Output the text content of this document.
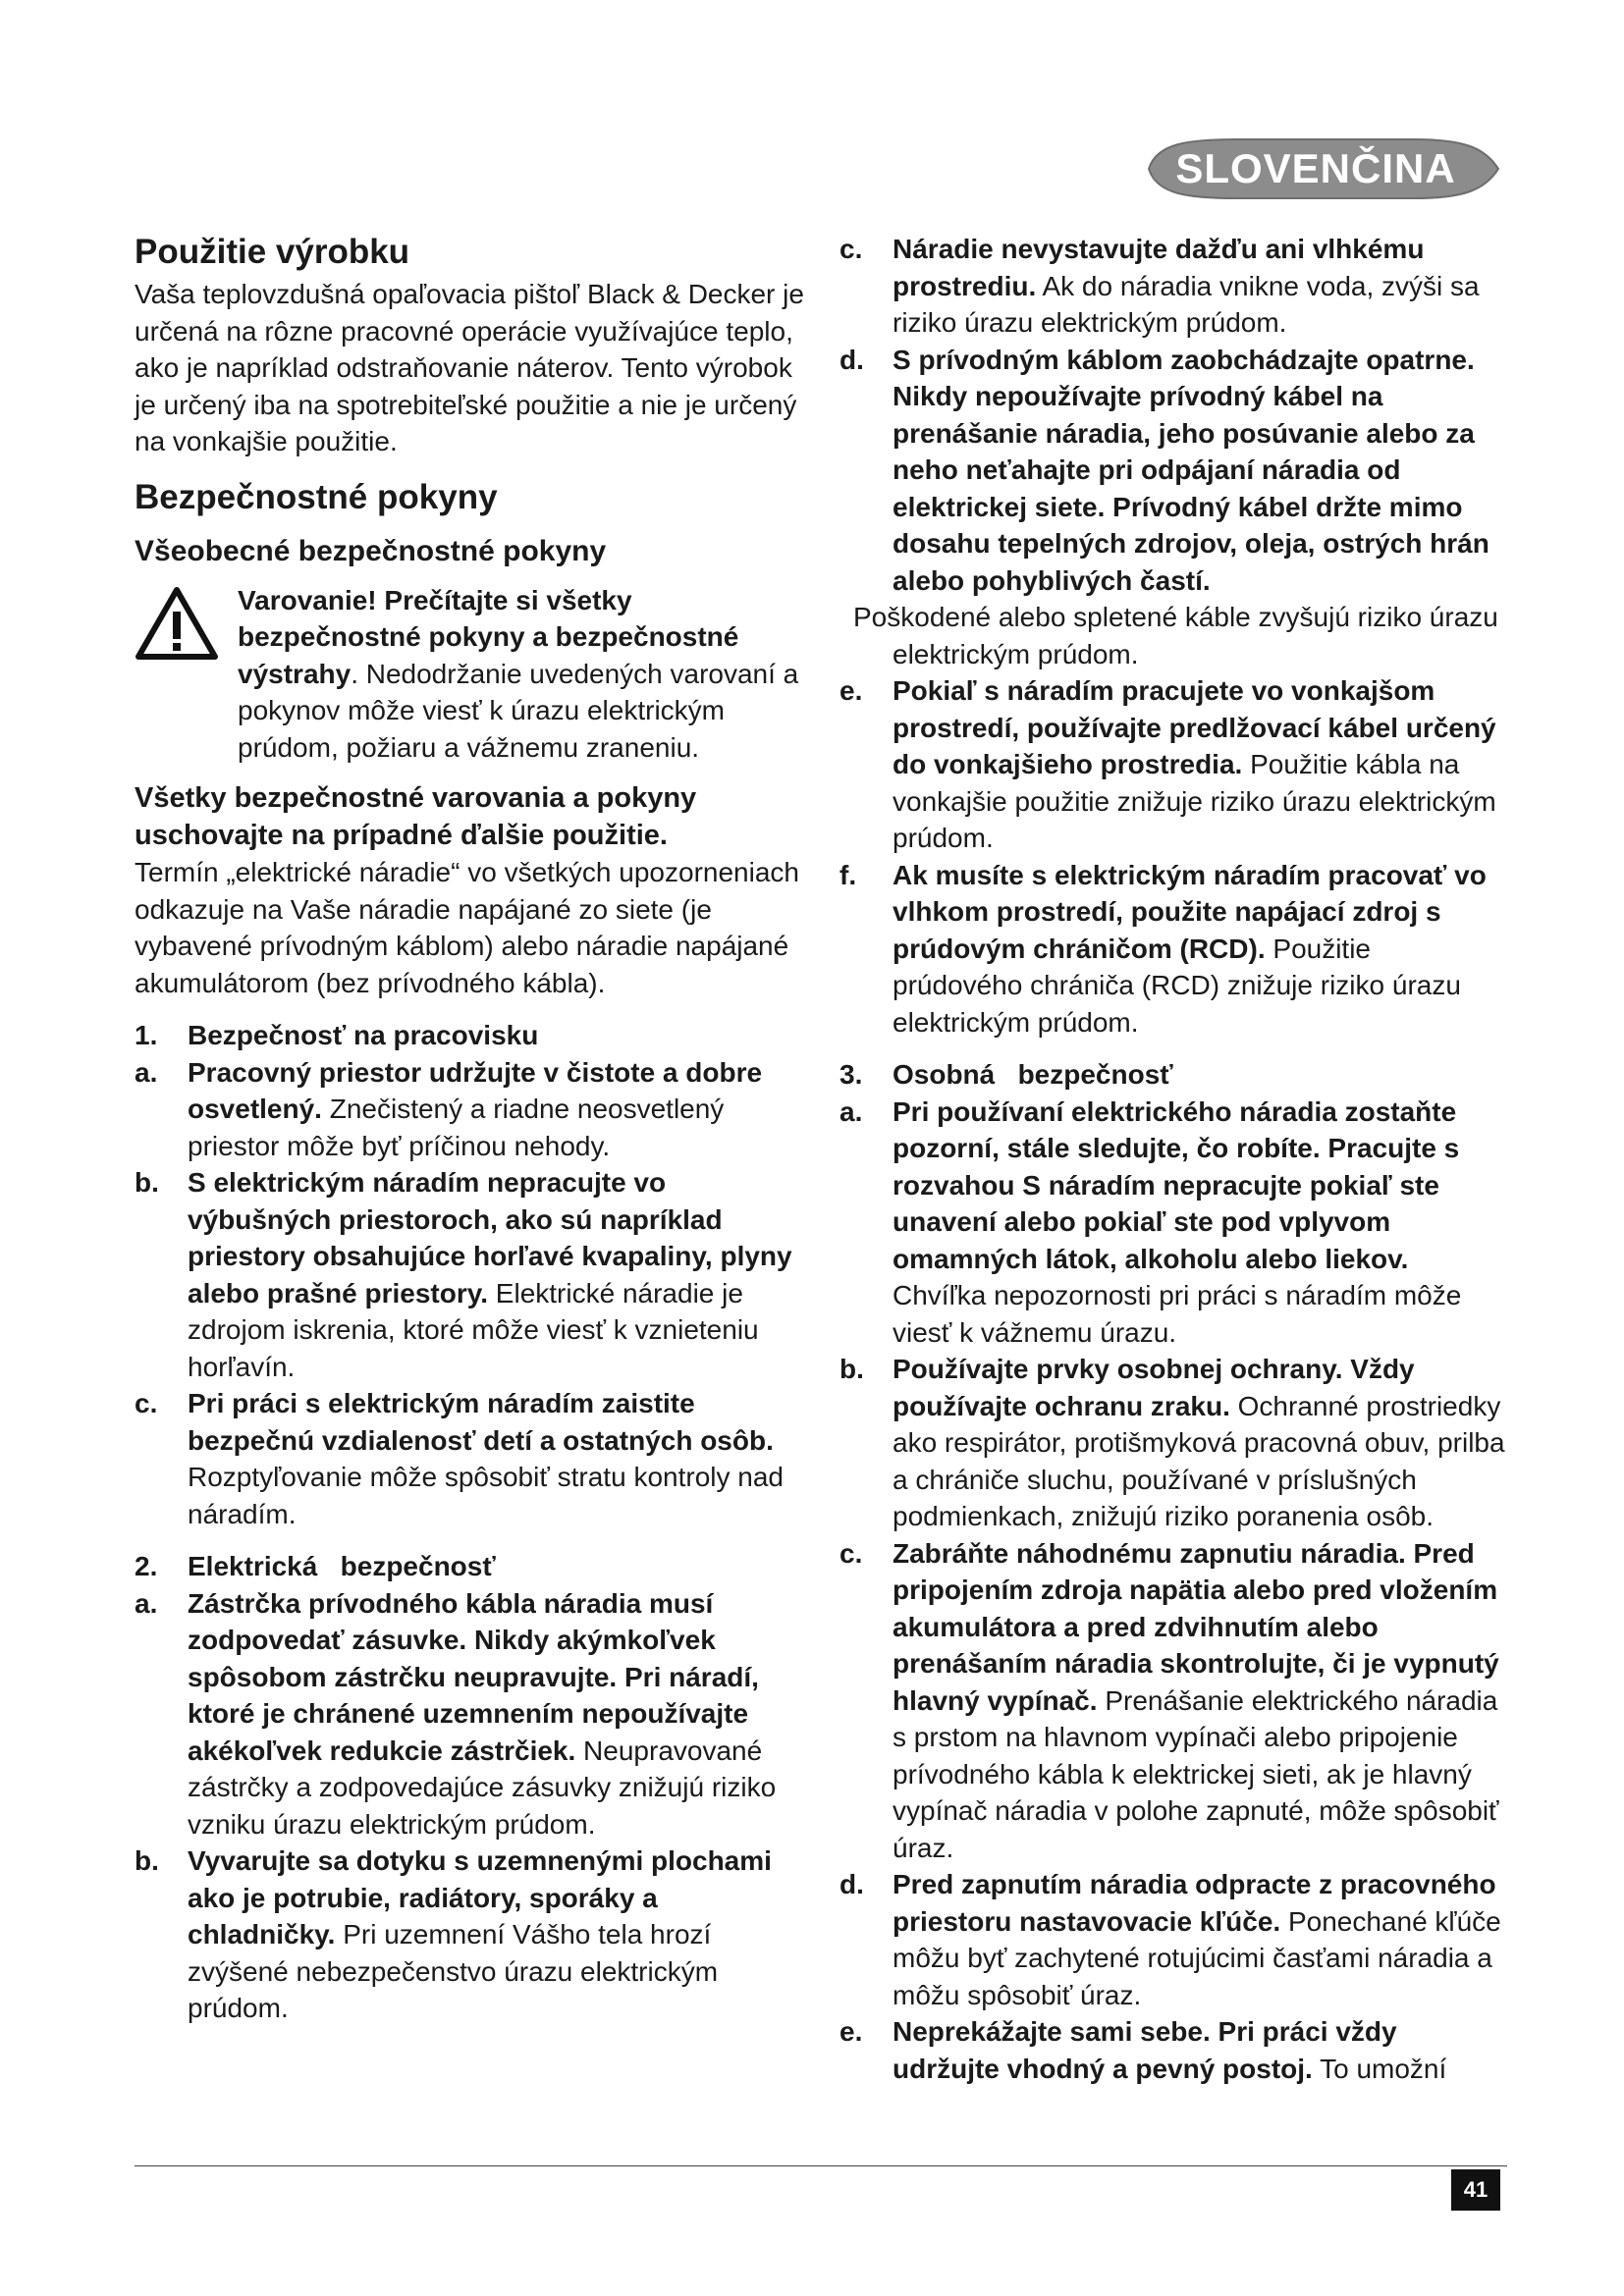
SLOVENČINA
Použitie výrobku

Vaša teplovzdušná opaľovacia pištoľ Black & Decker je určená na rôzne pracovné operácie využívajúce teplo, ako je napríklad odstraňovanie náterov. Tento výrobok je určený iba na spotrebiteľské použitie a nie je určený na vonkajšie použitie.

Bezpečnostné pokyny
Všeobecné bezpečnostné pokyny

Varovanie! Prečítajte si všetky bezpečnostné pokyny a bezpečnostné výstrahy. Nedodržanie uvedených varovaní a pokynov môže viesť k úrazu elektrickým prúdom, požiaru a vážnemu zraneniu.

Všetky bezpečnostné varovania a pokyny uschovajte na prípadné ďalšie použitie.

Termín „elektrické náradie“ vo všetkých upozorneniach odkazuje na Vaše náradie napájané zo siete (je vybavené prívodným káblom) alebo náradie napájané akumulátorom (bez prívodného kábla).

1. Bezpečnosť na pracovisku

a. Pracovný priestor udržujte v čistote a dobre osvetlený. Znečistený a riadne neosvetlený priestor môže byť príčinou nehody.

b. S elektrickým náradím nepracujte vo výbušných priestoroch, ako sú napríklad priestory obsahujúce horľavé kvapaliny, plyny alebo prašné priestory. Elektrické náradie je zdrojom iskrenia, ktoré môže viesť k vznieteniu horľavín.

c. Pri práci s elektrickým náradím zaistite bezpečnú vzdialenosť detí a ostatných osôb. Rozptyľovanie môže spôsobiť stratu kontroly nad náradím.

2. Elektrická   bezpečnosť

a. Zástrčka prívodného kábla náradia musí zodpovedať zásuvke. Nikdy akýmkoľvek spôsobom zástrčku neupravujte. Pri náradí, ktoré je chránené uzemnením nepoužívajte akékoľvek redukcie zástrčiek. Neupravované zástrčky a zodpovedajúce zásuvky znižujú riziko vzniku úrazu elektrickým prúdom.

b. Vyvarujte sa dotyku s uzemnenými plochami ako je potrubie, radiátory, sporáky a chladničky. Pri uzemnení Vášho tela hrozí zvýšené nebezpečenstvo úrazu elektrickým prúdom.

c. Náradie nevystavujte dažďu ani vlhkému prostrediu. Ak do náradia vnikne voda, zvýši sa riziko úrazu elektrickým prúdom.

d. S prívodným káblom zaobchádzajte opatrne. Nikdy nepoužívajte prívodný kábel na prenášanie náradia, jeho posúvanie alebo za neho neťahajte pri odpájaní náradia od elektrickej siete. Prívodný kábel držte mimo dosahu tepelných zdrojov, oleja, ostrých hrán alebo pohyblivých častí.

Poškodené alebo spletené káble zvyšujú riziko úrazu elektrickým prúdom.

e. Pokiaľ s náradím pracujete vo vonkajšom prostredí, používajte predlžovací kábel určený do vonkajšieho prostredia. Použitie kábla na vonkajšie použitie znižuje riziko úrazu elektrickým prúdom.

f. Ak musíte s elektrickým náradím pracovať vo vlhkom prostredí, použite napájací zdroj s prúdovým chráničom (RCD). Použitie prúdového chrániča (RCD) znižuje riziko úrazu elektrickým prúdom.

3. Osobná   bezpečnosť

a. Pri používaní elektrického náradia zostaňte pozorní, stále sledujte, čo robíte. Pracujte s rozvahou S náradím nepracujte pokiaľ ste unavení alebo pokiaľ ste pod vplyvom omamných látok, alkoholu alebo liekov. Chvíľka nepozornosti pri práci s náradím môže viesť k vážnemu úrazu.

b. Používajte prvky osobnej ochrany. Vždy používajte ochranu zraku. Ochranné prostriedky ako respirátor, protišmyková pracovná obuv, prilba a chrániče sluchu, používané v príslušných podmienkach, znižujú riziko poranenia osôb.

c. Zabráňte náhodnému zapnutiu náradia. Pred pripojením zdroja napätia alebo pred vložením akumulátora a pred zdvihnutím alebo prenášaním náradia skontrolujte, či je vypnutý hlavný vypínač. Prenášanie elektrického náradia s prstom na hlavnom vypínači alebo pripojenie prívodného kábla k elektrickej sieti, ak je hlavný vypínač náradia v polohe zapnuté, môže spôsobiť úraz.

d. Pred zapnutím náradia odpracte z pracovného priestoru nastavovacie kľúče. Ponechané kľúče môžu byť zachytené rotujúcimi časťami náradia a môžu spôsobiť úraz.

e. Neprekážajte sami sebe. Pri práci vždy udržujte vhodný a pevný postoj. To umožní

41
